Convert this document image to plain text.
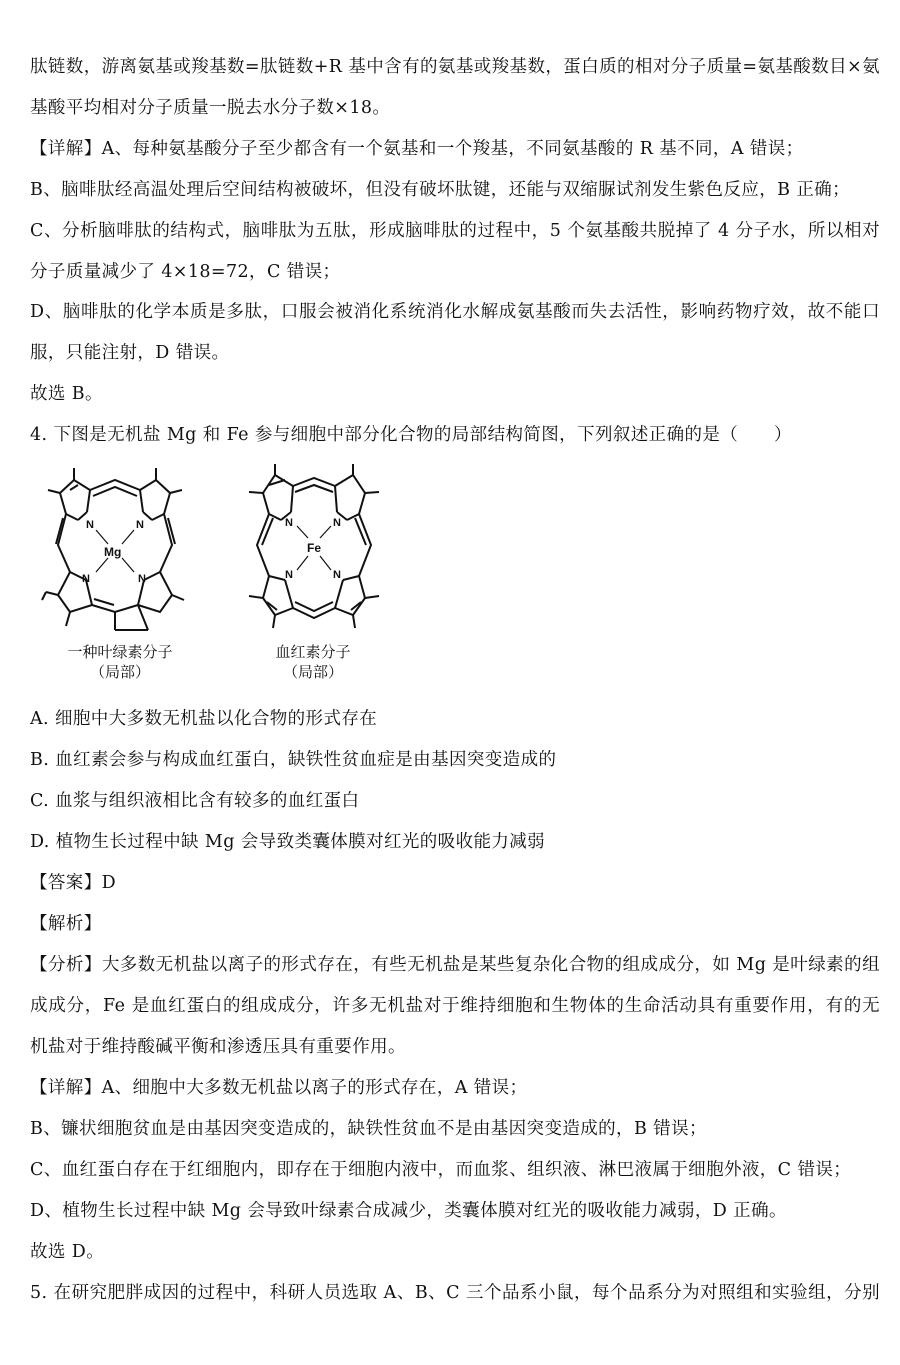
肽链数，游离氨基或羧基数=肽链数+R 基中含有的氨基或羧基数，蛋白质的相对分子质量=氨基酸数目×氨
基酸平均相对分子质量一脱去水分子数×18。
【详解】A、每种氨基酸分子至少都含有一个氨基和一个羧基，不同氨基酸的 R 基不同，A 错误；
B、脑啡肽经高温处理后空间结构被破坏，但没有破坏肽键，还能与双缩脲试剂发生紫色反应，B 正确；
C、分析脑啡肽的结构式，脑啡肽为五肽，形成脑啡肽的过程中，5 个氨基酸共脱掉了 4 分子水，所以相对
分子质量减少了 4×18=72，C 错误；
D、脑啡肽的化学本质是多肽，口服会被消化系统消化水解成氨基酸而失去活性，影响药物疗效，故不能口
服，只能注射，D 错误。
故选 B。
4. 下图是无机盐 Mg 和 Fe 参与细胞中部分化合物的局部结构简图，下列叙述正确的是（　　）
A. 细胞中大多数无机盐以化合物的形式存在
B. 血红素会参与构成血红蛋白，缺铁性贫血症是由基因突变造成的
C. 血浆与组织液相比含有较多的血红蛋白
D. 植物生长过程中缺 Mg 会导致类囊体膜对红光的吸收能力减弱
【答案】D
【解析】
【分析】大多数无机盐以离子的形式存在，有些无机盐是某些复杂化合物的组成成分，如 Mg 是叶绿素的组
成成分，Fe 是血红蛋白的组成成分，许多无机盐对于维持细胞和生物体的生命活动具有重要作用，有的无
机盐对于维持酸碱平衡和渗透压具有重要作用。
【详解】A、细胞中大多数无机盐以离子的形式存在，A 错误；
B、镰状细胞贫血是由基因突变造成的，缺铁性贫血不是由基因突变造成的，B 错误；
C、血红蛋白存在于红细胞内，即存在于细胞内液中，而血浆、组织液、淋巴液属于细胞外液，C 错误；
D、植物生长过程中缺 Mg 会导致叶绿素合成减少，类囊体膜对红光的吸收能力减弱，D 正确。
故选 D。
5. 在研究肥胖成因的过程中，科研人员选取 A、B、C 三个品系小鼠，每个品系分为对照组和实验组，分别
N	N
N	N
Mg
N	N
N	N
Fe
一种叶绿素分子
（局部）
血红素分子
（局部）
